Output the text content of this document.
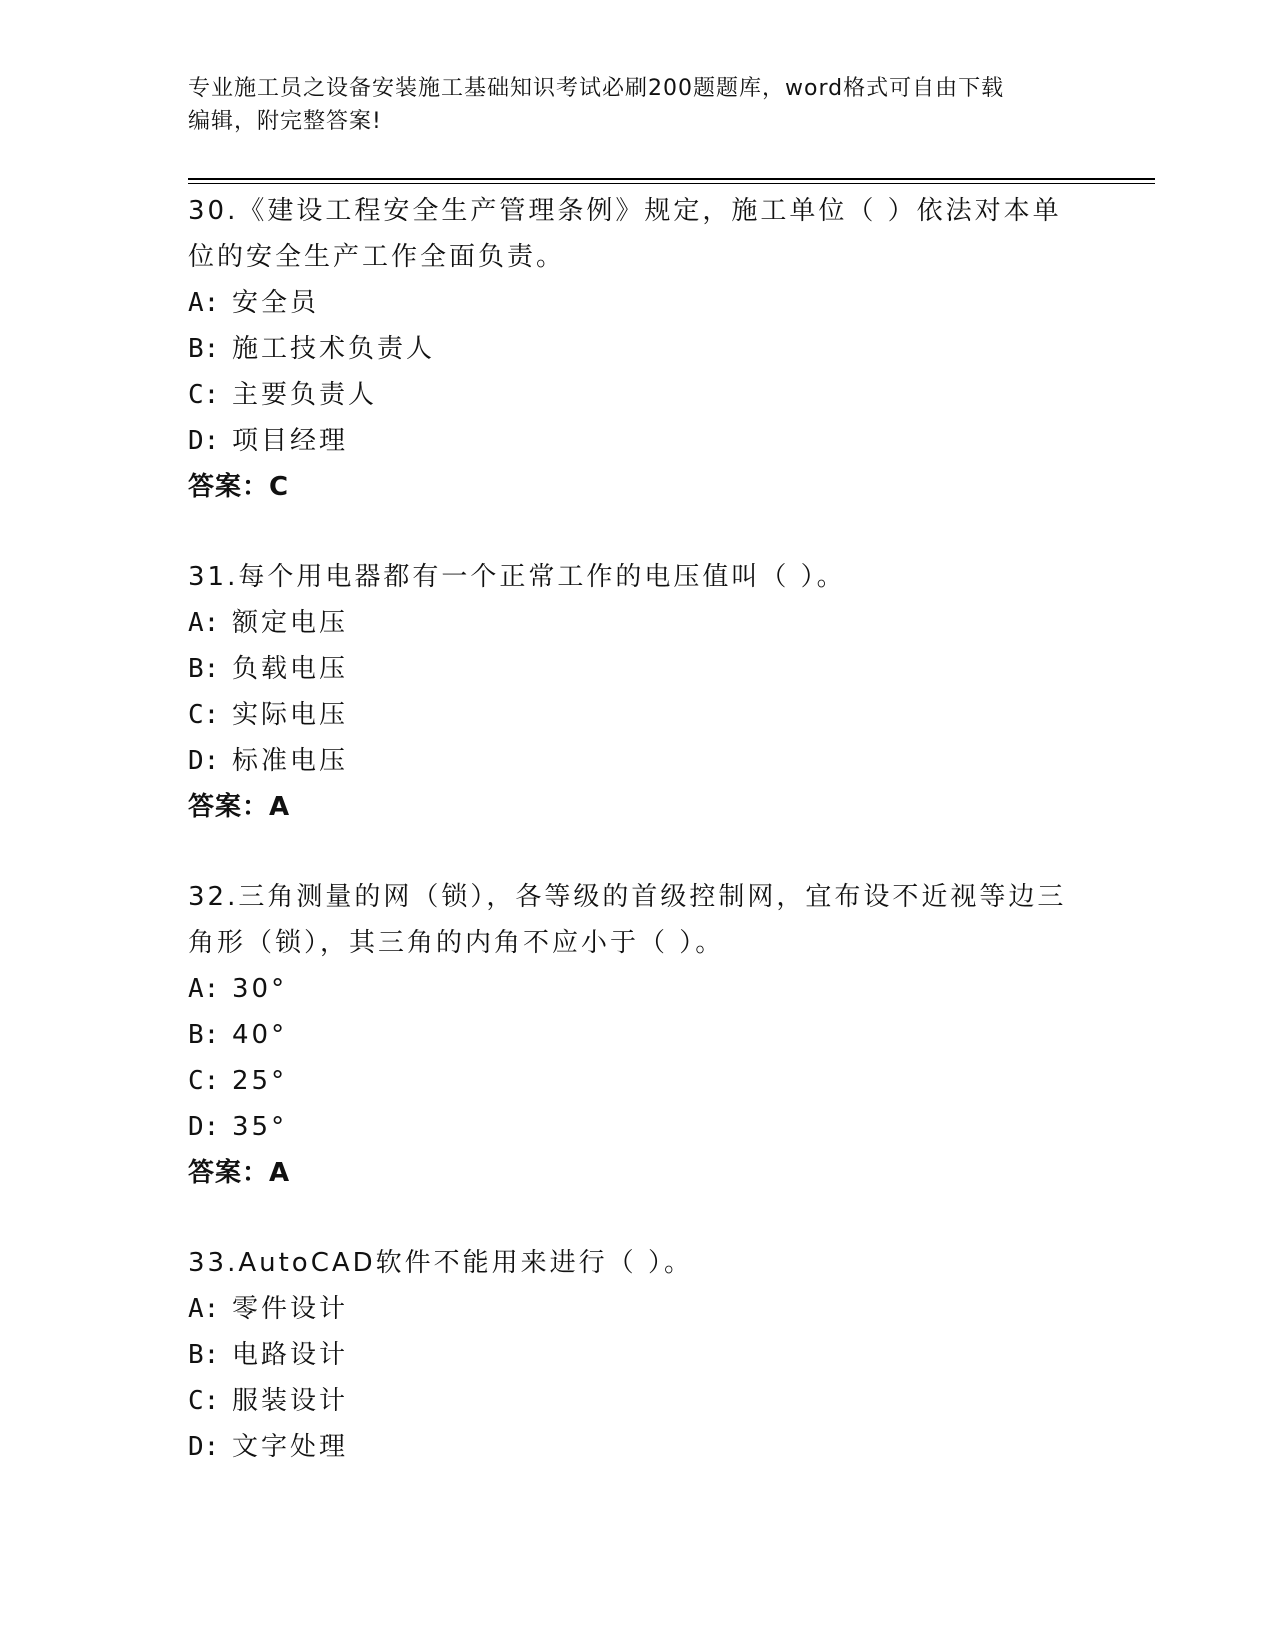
专业施工员之设备安装施工基础知识考试必刷200题题库，word格式可自由下载
编辑，附完整答案!

30.《建设工程安全生产管理条例》规定，施工单位（ ）依法对本单位的安全生产工作全面负责。

A: 安全员

B: 施工技术负责人

C: 主要负责人

D: 项目经理

答案：C

31.每个用电器都有一个正常工作的电压值叫（ ）。

A: 额定电压

B: 负载电压

C: 实际电压

D: 标准电压

答案：A

32.三角测量的网（锁），各等级的首级控制网，宜布设不近视等边三角形（锁），其三角的内角不应小于（ ）。

A: 30°

B: 40°

C: 25°

D: 35°

答案：A

33.AutoCAD软件不能用来进行（ ）。

A: 零件设计

B: 电路设计

C: 服装设计

D: 文字处理
